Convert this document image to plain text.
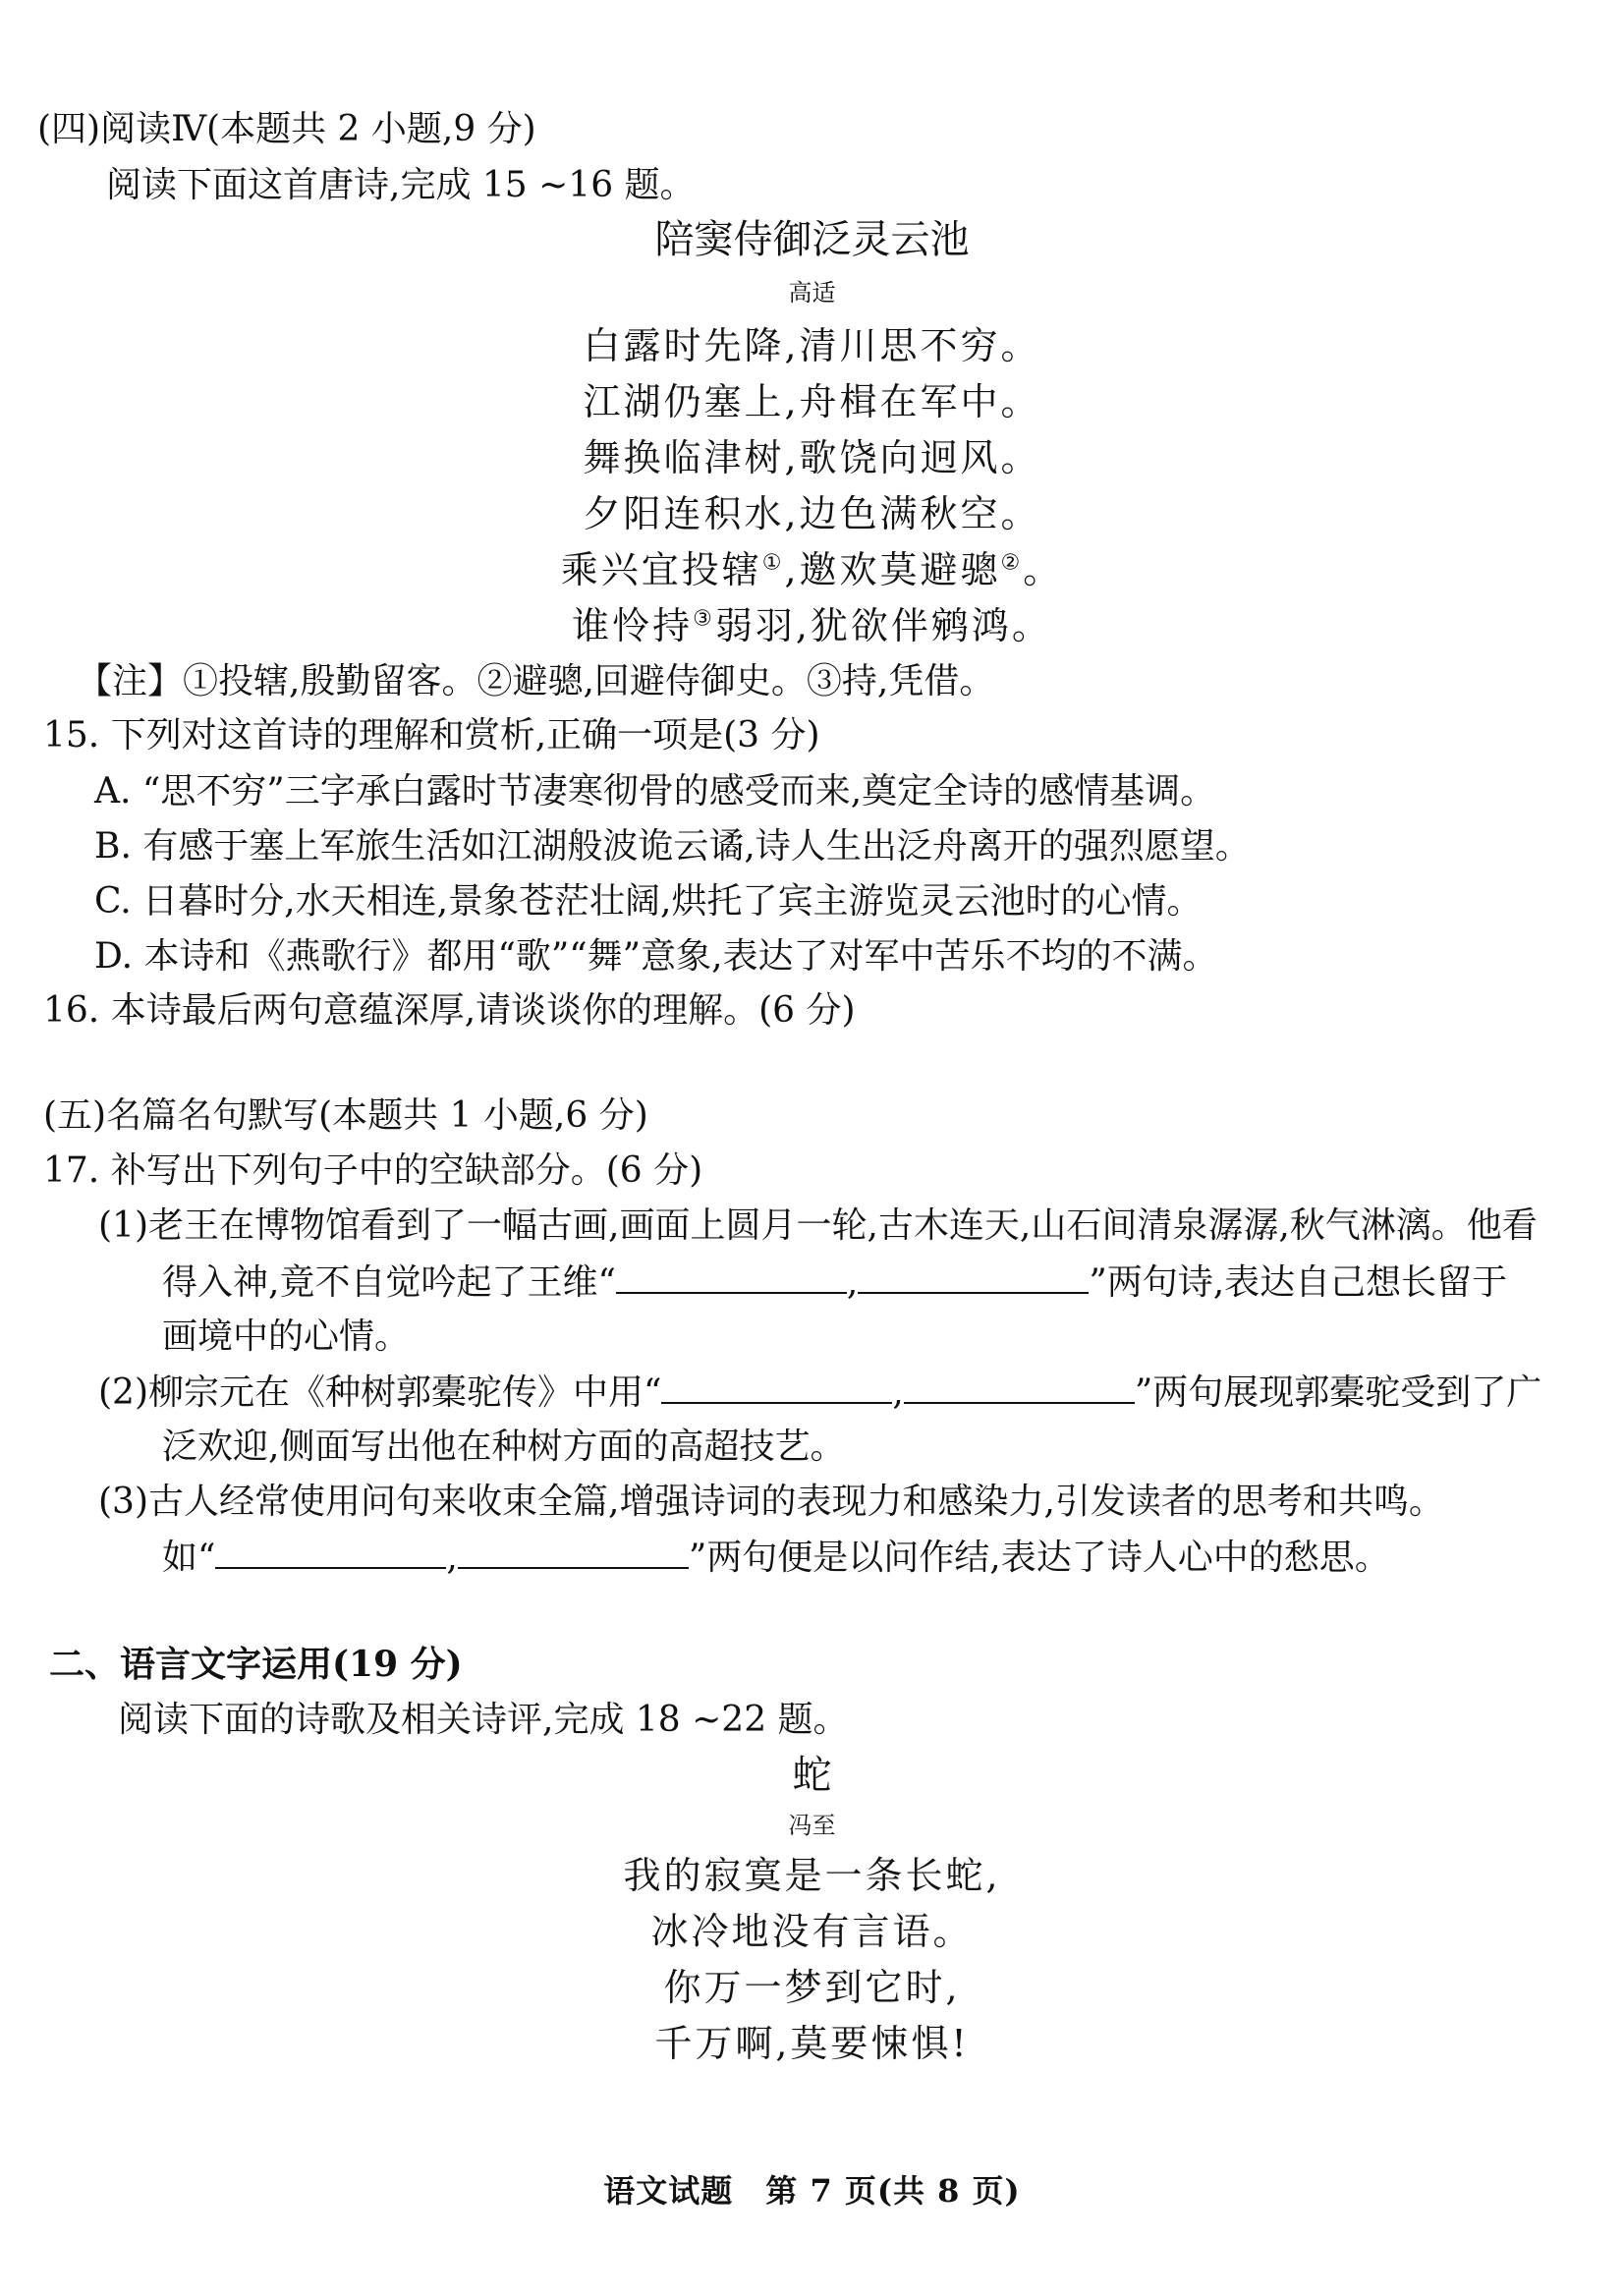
(四)阅读Ⅳ(本题共 2 小题,9 分)
阅读下面这首唐诗,完成 15 ~16 题。
陪窦侍御泛灵云池
高适
白露时先降,清川思不穷。
江湖仍塞上,舟楫在军中。
舞换临津树,歌饶向迥风。
夕阳连积水,边色满秋空。
乘兴宜投辖①,邀欢莫避骢②。
谁怜持③弱羽,犹欲伴鹓鸿。
【注】①投辖,殷勤留客。②避骢,回避侍御史。③持,凭借。
15. 下列对这首诗的理解和赏析,正确一项是(3 分)
A. “思不穷”三字承白露时节凄寒彻骨的感受而来,奠定全诗的感情基调。
B. 有感于塞上军旅生活如江湖般波诡云谲,诗人生出泛舟离开的强烈愿望。
C. 日暮时分,水天相连,景象苍茫壮阔,烘托了宾主游览灵云池时的心情。
D. 本诗和《燕歌行》都用“歌”“舞”意象,表达了对军中苦乐不均的不满。
16. 本诗最后两句意蕴深厚,请谈谈你的理解。(6 分)
(五)名篇名句默写(本题共 1 小题,6 分)
17. 补写出下列句子中的空缺部分。(6 分)
(1)老王在博物馆看到了一幅古画,画面上圆月一轮,古木连天,山石间清泉潺潺,秋气淋漓。他看
得入神,竟不自觉吟起了王维“	,	”两句诗,表达自己想长留于
画境中的心情。
(2)柳宗元在《种树郭橐驼传》中用“	,	”两句展现郭橐驼受到了广
泛欢迎,侧面写出他在种树方面的高超技艺。
(3)古人经常使用问句来收束全篇,增强诗词的表现力和感染力,引发读者的思考和共鸣。
如“	,	”两句便是以问作结,表达了诗人心中的愁思。
二、语言文字运用(19 分)
阅读下面的诗歌及相关诗评,完成 18 ~22 题。
蛇
冯至
我的寂寞是一条长蛇,
冰冷地没有言语。
你万一梦到它时,
千万啊,莫要悚惧!
语文试题　第 7 页(共 8 页)
